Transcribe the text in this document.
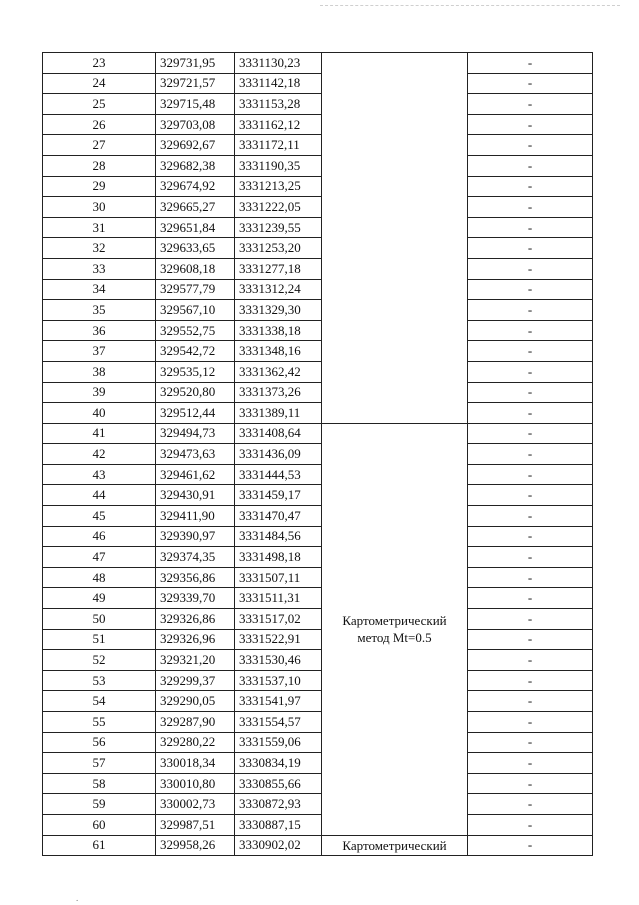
23	329731,95	3331130,23		-
24	329721,57	3331142,18		-
25	329715,48	3331153,28		-
26	329703,08	3331162,12		-
27	329692,67	3331172,11		-
28	329682,38	3331190,35		-
29	329674,92	3331213,25		-
30	329665,27	3331222,05		-
31	329651,84	3331239,55		-
32	329633,65	3331253,20		-
33	329608,18	3331277,18		-
34	329577,79	3331312,24		-
35	329567,10	3331329,30		-
36	329552,75	3331338,18		-
37	329542,72	3331348,16		-
38	329535,12	3331362,42		-
39	329520,80	3331373,26		-
40	329512,44	3331389,11		-
41	329494,73	3331408,64	Картометрический метод Mt=0.5	-
42	329473,63	3331436,09		-
43	329461,62	3331444,53		-
44	329430,91	3331459,17		-
45	329411,90	3331470,47		-
46	329390,97	3331484,56		-
47	329374,35	3331498,18		-
48	329356,86	3331507,11		-
49	329339,70	3331511,31		-
50	329326,86	3331517,02		-
51	329326,96	3331522,91		-
52	329321,20	3331530,46		-
53	329299,37	3331537,10		-
54	329290,05	3331541,97		-
55	329287,90	3331554,57		-
56	329280,22	3331559,06		-
57	330018,34	3330834,19		-
58	330010,80	3330855,66		-
59	330002,73	3330872,93		-
60	329987,51	3330887,15		-
61	329958,26	3330902,02	Картометрический	-
.
